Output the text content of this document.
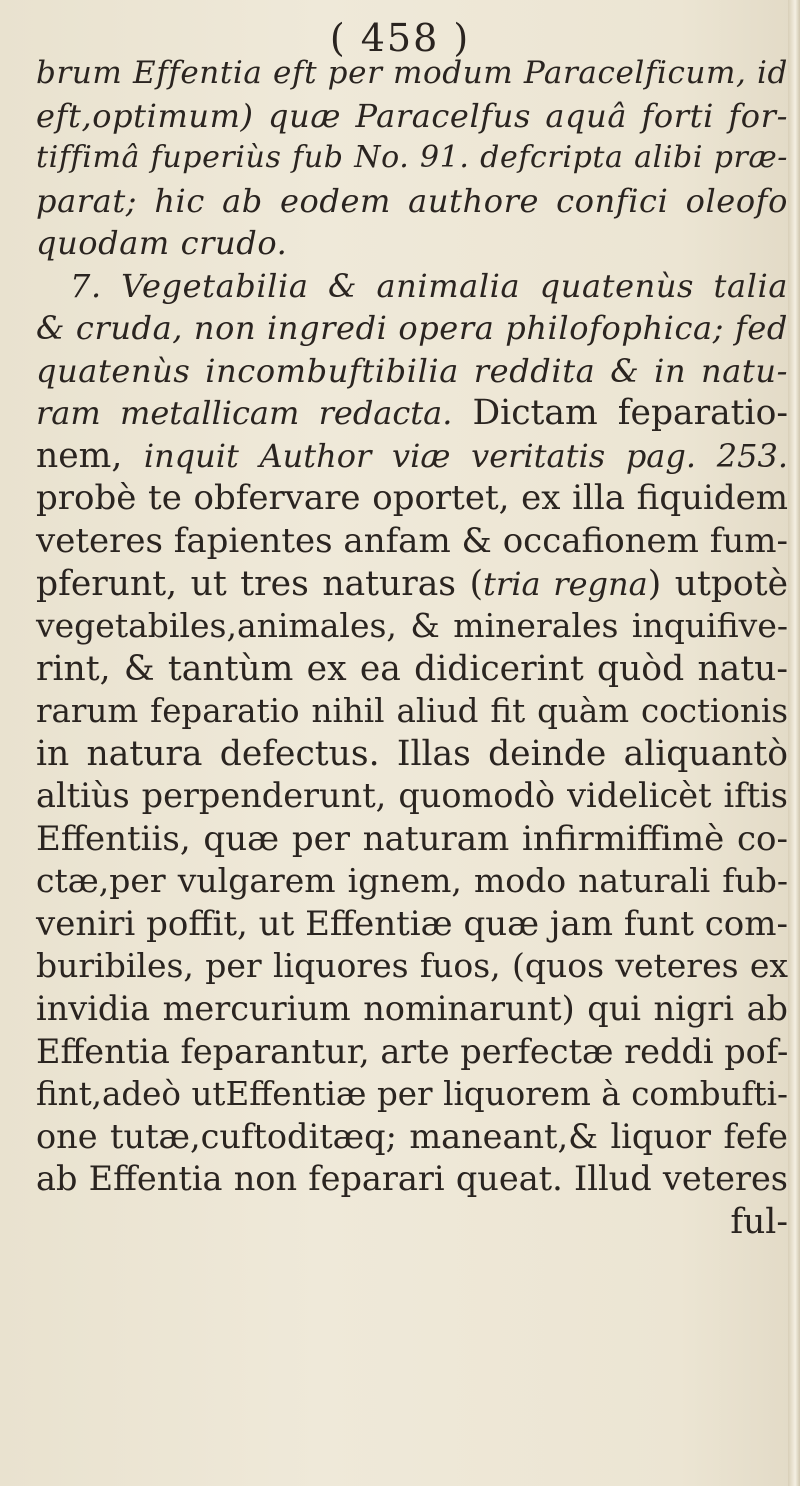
( 458 )
brum Effentia eft per modum Paracelficum, id
eft,optimum) quæ Paracelfus aquâ forti for-
tiffimâ fuperiùs fub No. 91. defcripta alibi præ-
parat; hic ab eodem authore confici oleofo
quodam crudo.
7. Vegetabilia & animalia quatenùs talia
& cruda, non ingredi opera philofophica; fed
quatenùs incombuftibilia reddita & in natu-
ram metallicam redacta. Dictam feparatio-
nem, inquit Author viæ veritatis pag. 253.
probè te obfervare oportet, ex illa fiquidem
veteres fapientes anfam & occafionem fum-
pferunt, ut tres naturas (tria regna) utpotè
vegetabiles,animales, & minerales inquifive-
rint, & tantùm ex ea didicerint quòd natu-
rarum feparatio nihil aliud fit quàm coctionis
in natura defectus. Illas deinde aliquantò
altiùs perpenderunt, quomodò videlicèt iftis
Effentiis, quæ per naturam infirmiffimè co-
ctæ,per vulgarem ignem, modo naturali fub-
veniri poffit, ut Effentiæ quæ jam funt com-
buribiles, per liquores fuos, (quos veteres ex
invidia mercurium nominarunt) qui nigri ab
Effentia feparantur, arte perfectæ reddi pof-
fint,adeò utEffentiæ per liquorem à combufti-
one tutæ,cuftoditæq; maneant,& liquor fefe
ab Effentia non feparari queat. Illud veteres
ful-
